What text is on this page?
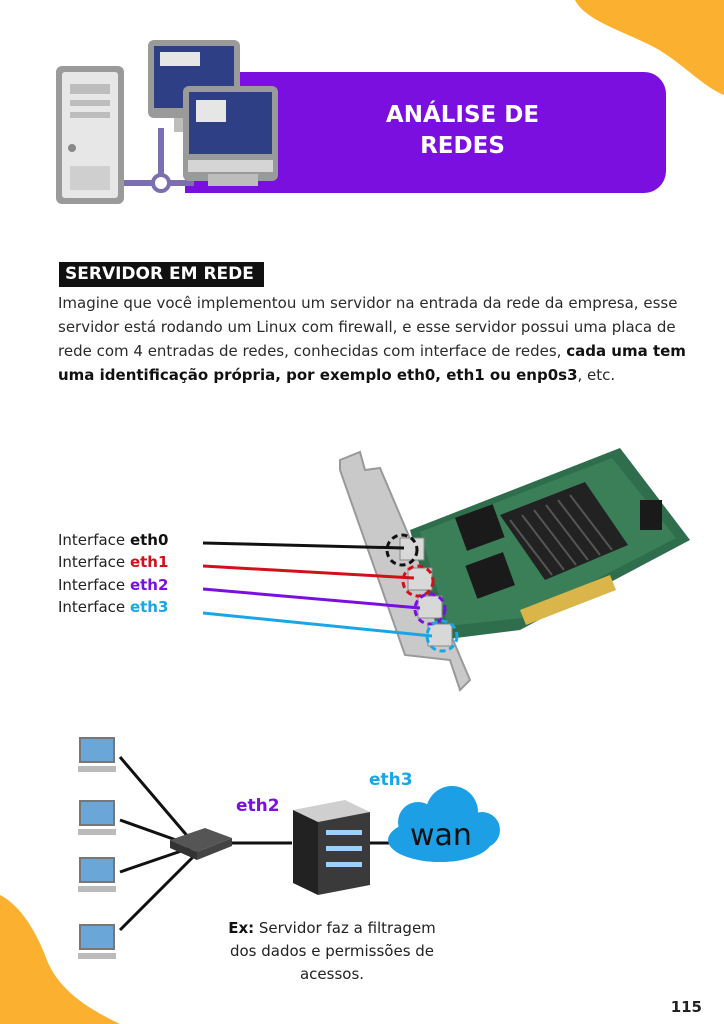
ANÁLISE DE
REDES
SERVIDOR EM REDE
Imagine que você implementou um servidor na entrada da rede da empresa, esse servidor está rodando um Linux com firewall, e esse servidor possui uma placa de rede com 4 entradas de redes, conhecidas com interface de redes, cada uma tem uma identificação própria, por exemplo eth0, eth1 ou enp0s3, etc.
Interface eth0
Interface eth1
Interface eth2
Interface eth3
eth2
eth3
wan
Ex: Servidor faz a filtragem dos dados e permissões de acessos.
115
